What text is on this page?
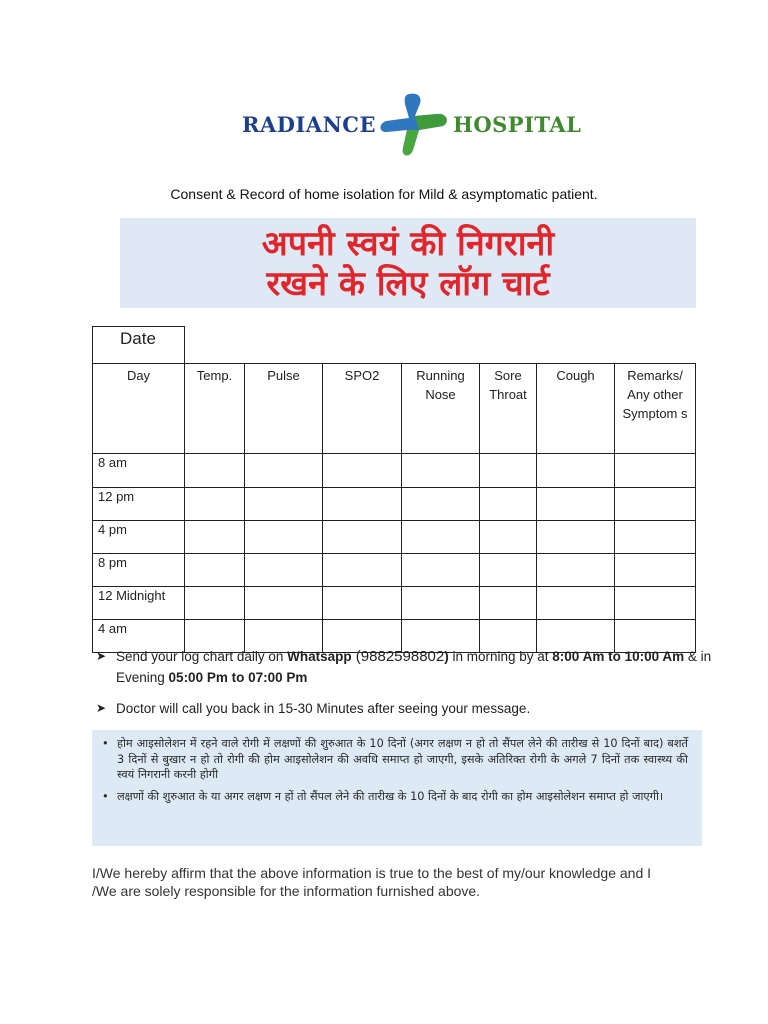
RADIANCE	HOSPITAL
Consent & Record of home isolation for Mild & asymptomatic patient.
अपनी स्वयं की निगरानी
रखने के लिए लॉग चार्ट
Date							
Day	Temp.	Pulse	SPO2	Running Nose	Sore Throat	Cough	Remarks/ Any other Symptom s
8 am							
12 pm							
4 pm							
8 pm							
12 Midnight							
4 am							
➤ Send your log chart daily on Whatsapp (9882598802) in morning by at 8:00 Am to 10:00 Am & in Evening 05:00 Pm to 07:00 Pm
➤ Doctor will call you back in 15-30 Minutes after seeing your message.
• होम आइसोलेशन में रहने वाले रोगी में लक्षणों की शुरुआत के 10 दिनों (अगर लक्षण न हो तो सैंपल लेने की तारीख से 10 दिनों बाद) बशर्ते 3 दिनों से बुखार न हो तो रोगी की होम आइसोलेशन की अवधि समाप्त हो जाएगी, इसके अतिरिक्त रोगी के अगले 7 दिनों तक स्वास्थ्य की स्वयं निगरानी करनी होगी
• लक्षणों की शुरुआत के या अगर लक्षण न हों तो सैंपल लेने की तारीख के 10 दिनों के बाद रोगी का होम आइसोलेशन समाप्त हो जाएगी।
I/We hereby affirm that the above information is true to the best of my/our knowledge and I /We are solely responsible for the information furnished above.
